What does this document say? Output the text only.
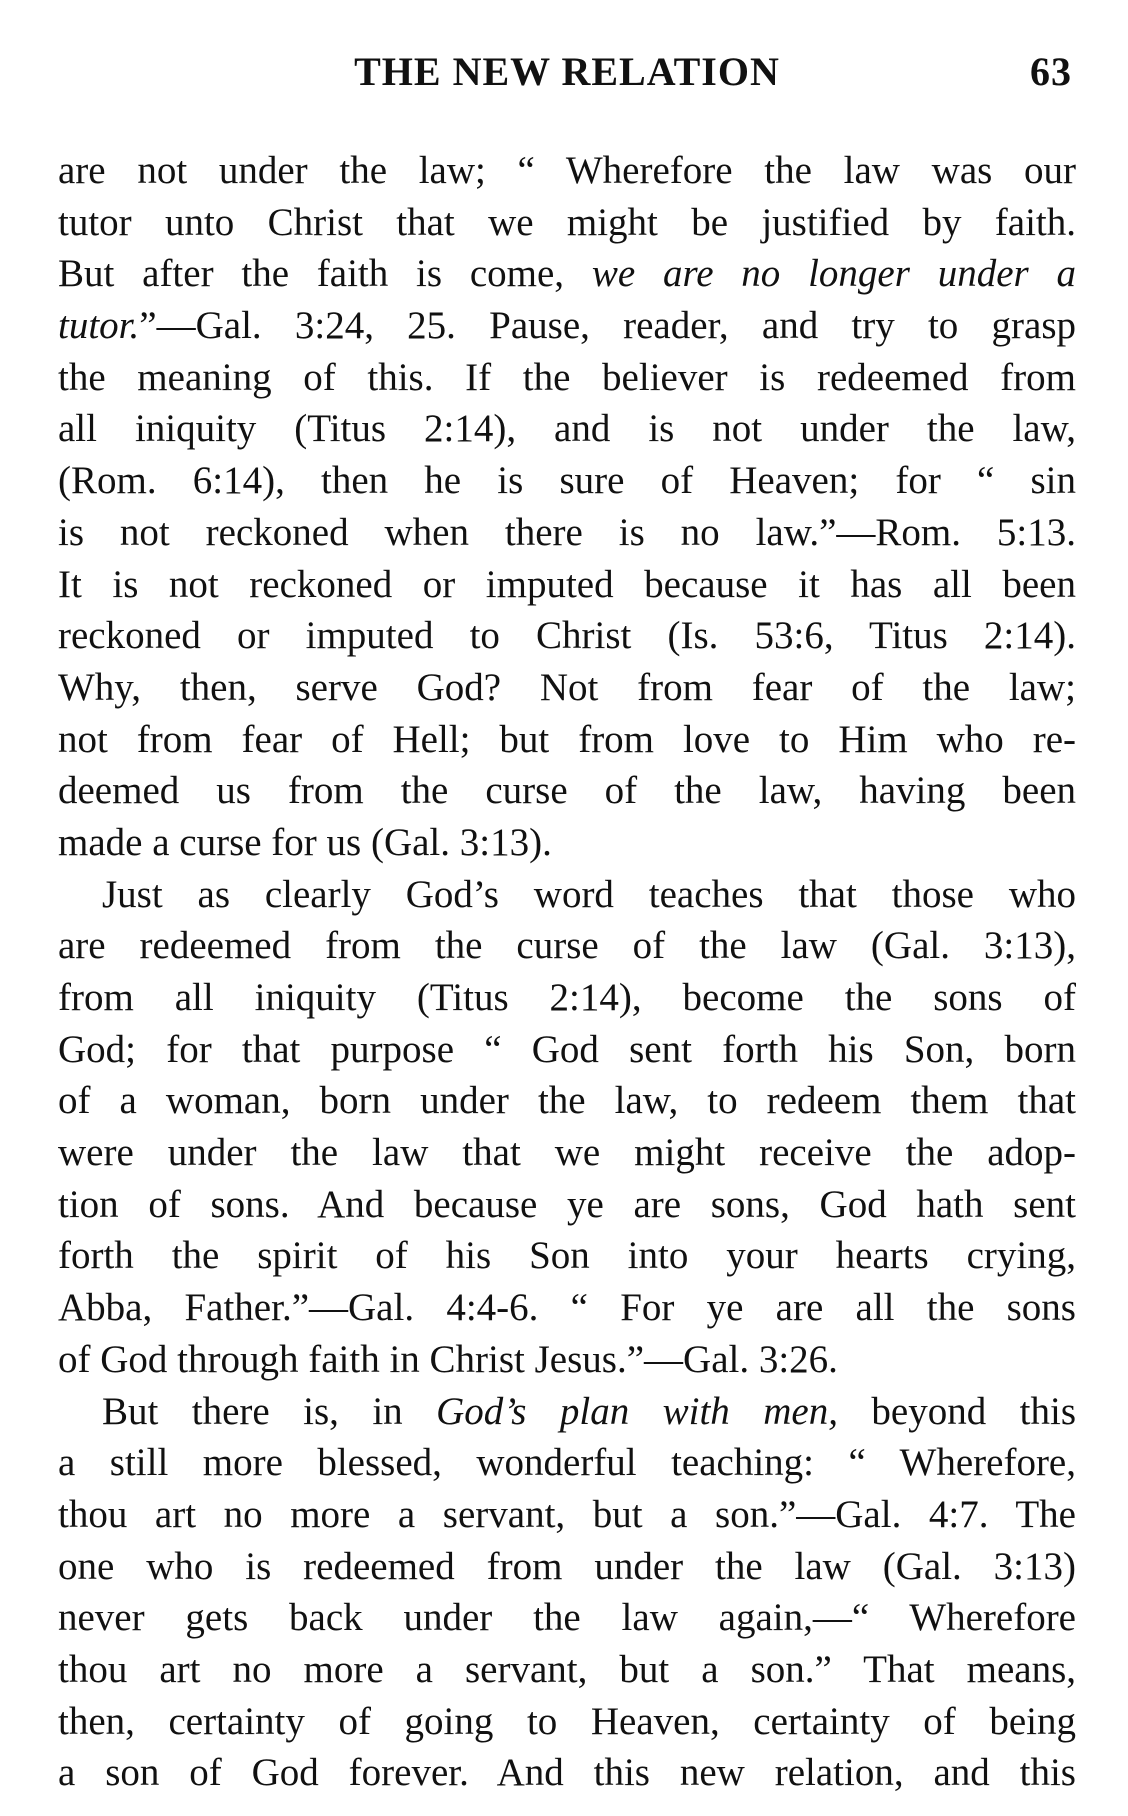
THE NEW RELATION	63
are not under the law; “ Wherefore the law was our
tutor unto Christ that we might be justified by faith.
But after the faith is come, we are no longer under a
tutor.”—Gal. 3:24, 25. Pause, reader, and try to grasp
the meaning of this. If the believer is redeemed from
all iniquity (Titus 2:14), and is not under the law,
(Rom. 6:14), then he is sure of Heaven; for “ sin
is not reckoned when there is no law.”—Rom. 5:13.
It is not reckoned or imputed because it has all been
reckoned or imputed to Christ (Is. 53:6, Titus 2:14).
Why, then, serve God? Not from fear of the law;
not from fear of Hell; but from love to Him who re-
deemed us from the curse of the law, having been
made a curse for us (Gal. 3:13).
Just as clearly God’s word teaches that those who
are redeemed from the curse of the law (Gal. 3:13),
from all iniquity (Titus 2:14), become the sons of
God; for that purpose “ God sent forth his Son, born
of a woman, born under the law, to redeem them that
were under the law that we might receive the adop-
tion of sons. And because ye are sons, God hath sent
forth the spirit of his Son into your hearts crying,
Abba, Father.”—Gal. 4:4-6. “ For ye are all the sons
of God through faith in Christ Jesus.”—Gal. 3:26.
But there is, in God’s plan with men, beyond this
a still more blessed, wonderful teaching: “ Wherefore,
thou art no more a servant, but a son.”—Gal. 4:7. The
one who is redeemed from under the law (Gal. 3:13)
never gets back under the law again,—“ Wherefore
thou art no more a servant, but a son.” That means,
then, certainty of going to Heaven, certainty of being
a son of God forever. And this new relation, and this
